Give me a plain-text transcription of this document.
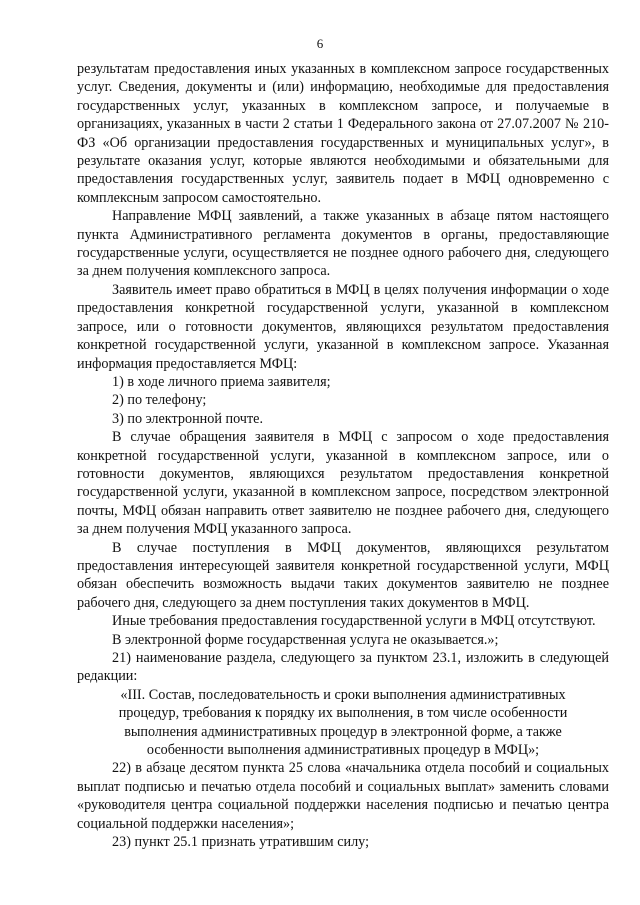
6

результатам предоставления иных указанных в комплексном запросе государственных услуг. Сведения, документы и (или) информацию, необходимые для предоставления государственных услуг, указанных в комплексном запросе, и получаемые в организациях, указанных в части 2 статьи 1 Федерального закона от 27.07.2007 № 210-ФЗ «Об организации предоставления государственных и муниципальных услуг», в результате оказания услуг, которые являются необходимыми и обязательными для предоставления государственных услуг, заявитель подает в МФЦ одновременно с комплексным запросом самостоятельно.

Направление МФЦ заявлений, а также указанных в абзаце пятом настоящего пункта Административного регламента документов в органы, предоставляющие государственные услуги, осуществляется не позднее одного рабочего дня, следующего за днем получения комплексного запроса.

Заявитель имеет право обратиться в МФЦ в целях получения информации о ходе предоставления конкретной государственной услуги, указанной в комплексном запросе, или о готовности документов, являющихся результатом предоставления конкретной государственной услуги, указанной в комплексном запросе. Указанная информация предоставляется МФЦ:

1) в ходе личного приема заявителя;

2) по телефону;

3) по электронной почте.

В случае обращения заявителя в МФЦ с запросом о ходе предоставления конкретной государственной услуги, указанной в комплексном запросе, или о готовности документов, являющихся результатом предоставления конкретной государственной услуги, указанной в комплексном запросе, посредством электронной почты, МФЦ обязан направить ответ заявителю не позднее рабочего дня, следующего за днем получения МФЦ указанного запроса.

В случае поступления в МФЦ документов, являющихся результатом предоставления интересующей заявителя конкретной государственной услуги, МФЦ обязан обеспечить возможность выдачи таких документов заявителю не позднее рабочего дня, следующего за днем поступления таких документов в МФЦ.

Иные требования предоставления государственной услуги в МФЦ отсутствуют.

В электронной форме государственная услуга не оказывается.»;

21) наименование раздела, следующего за пунктом 23.1, изложить в следующей редакции:

«III. Состав, последовательность и сроки выполнения административных

процедур, требования к порядку их выполнения, в том числе особенности

выполнения административных процедур в электронной форме, а также

особенности выполнения административных процедур в МФЦ»;

22) в абзаце десятом пункта 25 слова «начальника отдела пособий и социальных выплат подписью и печатью отдела пособий и социальных выплат» заменить словами «руководителя центра социальной поддержки населения подписью и печатью центра социальной поддержки населения»;

23) пункт 25.1 признать утратившим силу;
